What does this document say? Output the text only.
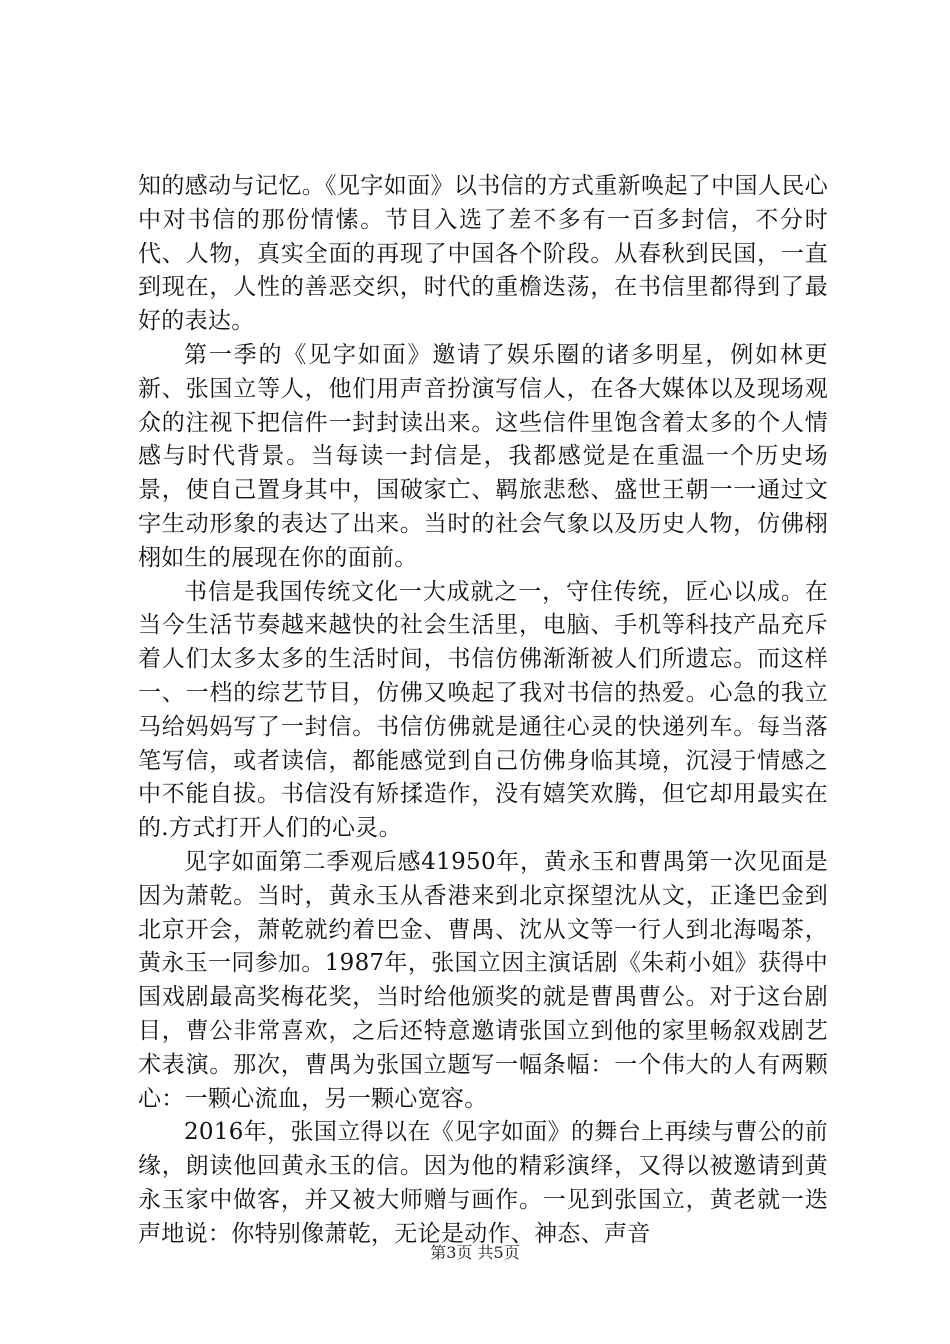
知的感动与记忆。《见字如面》以书信的方式重新唤起了中国人民心中对书信的那份情愫。节目入选了差不多有一百多封信，不分时代、人物，真实全面的再现了中国各个阶段。从春秋到民国，一直到现在，人性的善恶交织，时代的重檐迭荡，在书信里都得到了最好的表达。

第一季的《见字如面》邀请了娱乐圈的诸多明星，例如林更新、张国立等人，他们用声音扮演写信人，在各大媒体以及现场观众的注视下把信件一封封读出来。这些信件里饱含着太多的个人情感与时代背景。当每读一封信是，我都感觉是在重温一个历史场景，使自己置身其中，国破家亡、羁旅悲愁、盛世王朝一一通过文字生动形象的表达了出来。当时的社会气象以及历史人物，仿佛栩栩如生的展现在你的面前。

书信是我国传统文化一大成就之一，守住传统，匠心以成。在当今生活节奏越来越快的社会生活里，电脑、手机等科技产品充斥着人们太多太多的生活时间，书信仿佛渐渐被人们所遗忘。而这样一、一档的综艺节目，仿佛又唤起了我对书信的热爱。心急的我立马给妈妈写了一封信。书信仿佛就是通往心灵的快递列车。每当落笔写信，或者读信，都能感觉到自己仿佛身临其境，沉浸于情感之中不能自拔。书信没有矫揉造作，没有嬉笑欢腾，但它却用最实在的.方式打开人们的心灵。

见字如面第二季观后感41950年，黄永玉和曹禺第一次见面是因为萧乾。当时，黄永玉从香港来到北京探望沈从文，正逢巴金到北京开会，萧乾就约着巴金、曹禺、沈从文等一行人到北海喝茶，黄永玉一同参加。1987年，张国立因主演话剧《朱莉小姐》获得中国戏剧最高奖梅花奖，当时给他颁奖的就是曹禺曹公。对于这台剧目，曹公非常喜欢，之后还特意邀请张国立到他的家里畅叙戏剧艺术表演。那次，曹禺为张国立题写一幅条幅：一个伟大的人有两颗心：一颗心流血，另一颗心宽容。

2016年，张国立得以在《见字如面》的舞台上再续与曹公的前缘，朗读他回黄永玉的信。因为他的精彩演绎，又得以被邀请到黄永玉家中做客，并又被大师赠与画作。一见到张国立，黄老就一迭声地说：你特别像萧乾，无论是动作、神态、声音

第3页 共5页
